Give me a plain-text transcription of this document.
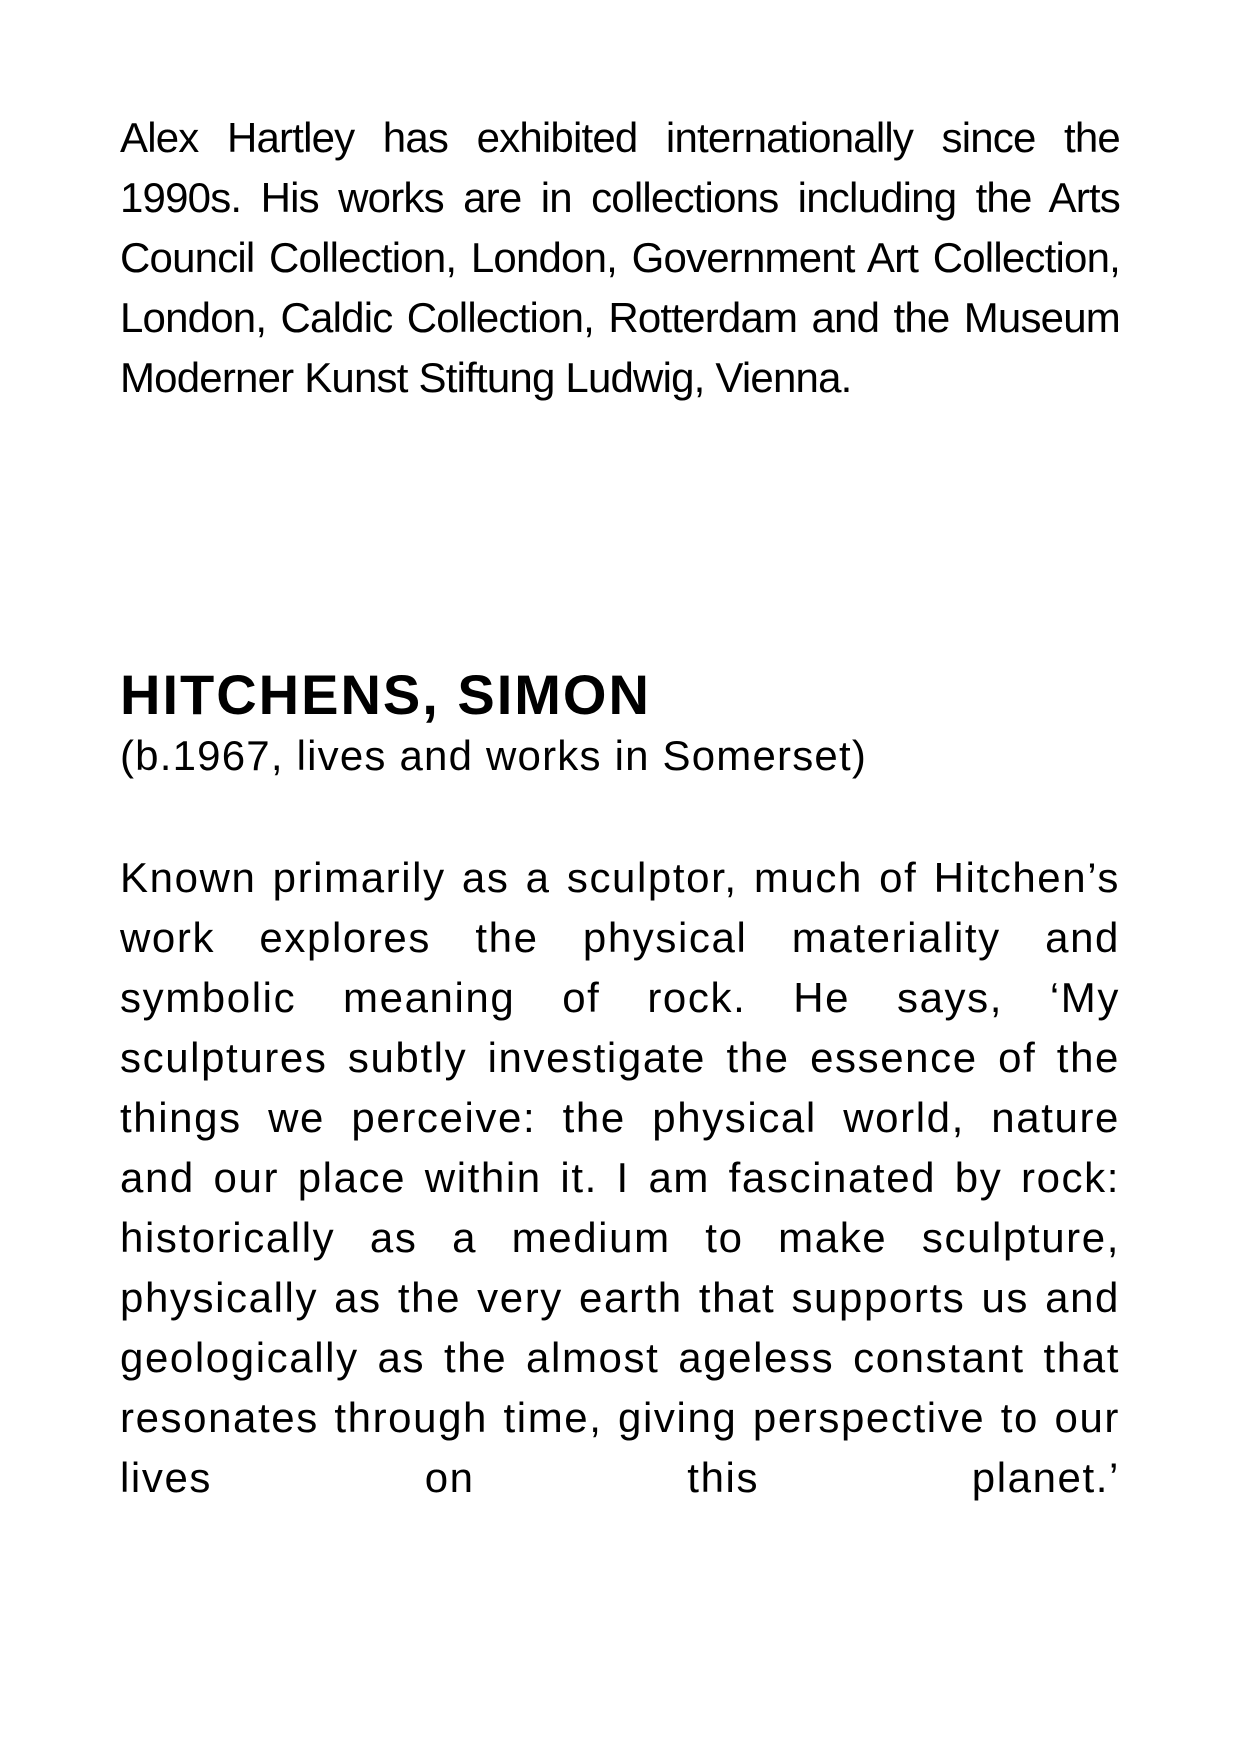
Alex Hartley has exhibited internationally since the 1990s. His works are in collections including the Arts Council Collection, London, Government Art Collection, London, Caldic Collection, Rotterdam and the Museum Moderner Kunst Stiftung Ludwig, Vienna.

HITCHENS, SIMON

(b.1967, lives and works in Somerset)

Known primarily as a sculptor, much of Hitchen’s work explores the physical materiality and symbolic meaning of rock. He says, ‘My sculptures subtly investigate the essence of the things we perceive: the physical world, nature and our place within it. I am fascinated by rock: historically as a medium to make sculpture, physically as the very earth that supports us and geologically as the almost ageless constant that resonates through time, giving perspective to our lives on this planet.’
